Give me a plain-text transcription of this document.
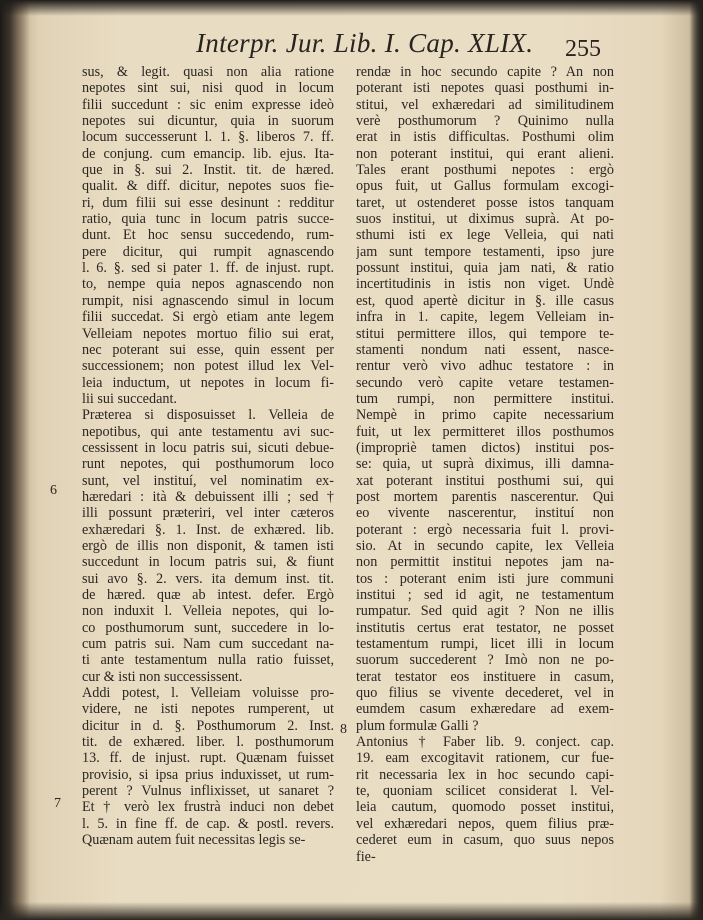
Interpr. Jur. Lib. I. Cap. XLIX.	255
6
7
8
sus, & legit. quasi non alia ratione
nepotes sint sui, nisi quod in locum
filii succedunt : sic enim expresse ideò
nepotes sui dicuntur, quia in suorum
locum successerunt l. 1. §. liberos 7. ff.
de conjung. cum emancip. lib. ejus. Ita-
que in §. sui 2. Instit. tit. de hæred.
qualit. & diff. dicitur, nepotes suos fie-
ri, dum filii sui esse desinunt : redditur
ratio, quia tunc in locum patris succe-
dunt. Et hoc sensu succedendo, rum-
pere dicitur, qui rumpit agnascendo
l. 6. §. sed si pater 1. ff. de injust. rupt.
to, nempe quia nepos agnascendo non
rumpit, nisi agnascendo simul in locum
filii succedat. Si ergò etiam ante legem
Velleiam nepotes mortuo filio sui erat,
nec poterant sui esse, quin essent per
successionem; non potest illud lex Vel-
leia inductum, ut nepotes in locum fi-
lii sui succedant.
Præterea si disposuisset l. Velleia de
nepotibus, qui ante testamentu avi suc-
cessissent in locu patris sui, sicuti debue-
runt nepotes, qui posthumorum loco
sunt, vel instituí, vel nominatim ex-
hæredari : ità & debuissent illi ; sed †
illi possunt præteriri, vel inter cæteros
exhæredari §. 1. Inst. de exhæred. lib.
ergò de illis non disponit, & tamen isti
succedunt in locum patris sui, & fiunt
sui avo §. 2. vers. ita demum inst. tit.
de hæred. quæ ab intest. defer. Ergò
non induxit l. Velleia nepotes, qui lo-
co posthumorum sunt, succedere in lo-
cum patris sui. Nam cum succedant na-
ti ante testamentum nulla ratio fuisset,
cur & isti non successissent.
Addi potest, l. Velleiam voluisse pro-
videre, ne isti nepotes rumperent, ut
dicitur in d. §. Posthumorum 2. Inst.
tit. de exhæred. liber. l. posthumorum
13. ff. de injust. rupt. Quænam fuisset
provisio, si ipsa prius induxisset, ut rum-
perent ? Vulnus inflixisset, ut sanaret ?
Et † verò lex frustrà induci non debet
l. 5. in fine ff. de cap. & postl. revers.
Quænam autem fuit necessitas legis se-
rendæ in hoc secundo capite ? An non
poterant isti nepotes quasi posthumi in-
stitui, vel exhæredari ad similitudinem
verè posthumorum ? Quinimo nulla
erat in istis difficultas. Posthumi olim
non poterant institui, qui erant alieni.
Tales erant posthumi nepotes : ergò
opus fuit, ut Gallus formulam excogi-
taret, ut ostenderet posse istos tanquam
suos institui, ut diximus suprà. At po-
sthumi isti ex lege Velleia, qui nati
jam sunt tempore testamenti, ipso jure
possunt institui, quia jam nati, & ratio
incertitudinis in istis non viget. Undè
est, quod apertè dicitur in §. ille casus
infra in 1. capite, legem Velleiam in-
stitui permittere illos, qui tempore te-
stamenti nondum nati essent, nasce-
rentur verò vivo adhuc testatore : in
secundo verò capite vetare testamen-
tum rumpi, non permittere institui.
Nempè in primo capite necessarium
fuit, ut lex permitteret illos posthumos
(impropriè tamen dictos) institui pos-
se: quia, ut suprà diximus, illi damna-
xat poterant institui posthumi sui, qui
post mortem parentis nascerentur. Qui
eo vivente nascerentur, instituí non
poterant : ergò necessaria fuit l. provi-
sio. At in secundo capite, lex Velleia
non permittit institui nepotes jam na-
tos : poterant enim isti jure communi
institui ; sed id agit, ne testamentum
rumpatur. Sed quid agit ? Non ne illis
institutis certus erat testator, ne posset
testamentum rumpi, licet illi in locum
suorum succederent ? Imò non ne po-
terat testator eos instituere in casum,
quo filius se vivente decederet, vel in
eumdem casum exhæredare ad exem-
plum formulæ Galli ?
Antonius † Faber lib. 9. conject. cap.
19. eam excogitavit rationem, cur fue-
rit necessaria lex in hoc secundo capi-
te, quoniam scilicet considerat l. Vel-
leia cautum, quomodo posset institui,
vel exhæredari nepos, quem filius præ-
cederet eum in casum, quo suus nepos
fie-
